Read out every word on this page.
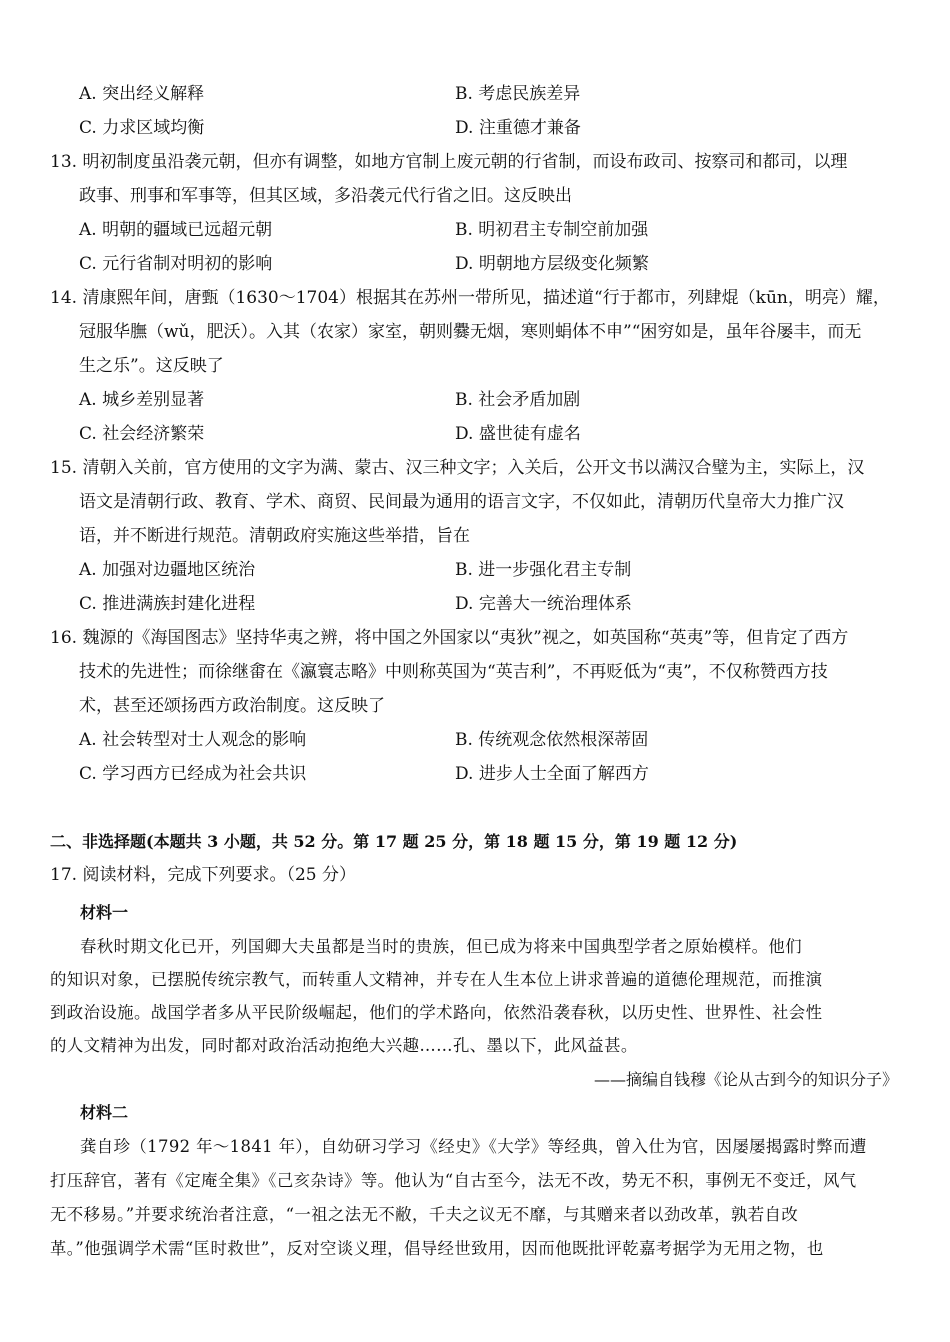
A. 突出经义解释	B. 考虑民族差异
C. 力求区域均衡	D. 注重德才兼备
13. 明初制度虽沿袭元朝，但亦有调整，如地方官制上废元朝的行省制，而设布政司、按察司和都司，以理
政事、刑事和军事等，但其区域，多沿袭元代行省之旧。这反映出
A. 明朝的疆域已远超元朝	B. 明初君主专制空前加强
C. 元行省制对明初的影响	D. 明朝地方层级变化频繁
14. 清康熙年间，唐甄（1630～1704）根据其在苏州一带所见，描述道“行于都市，列肆焜（kūn，明亮）耀，
冠服华膴（wǔ，肥沃）。入其（农家）家室，朝则爨无烟，寒则蜎体不申”“困穷如是，虽年谷屡丰，而无
生之乐”。这反映了
A. 城乡差别显著	B. 社会矛盾加剧
C. 社会经济繁荣	D. 盛世徒有虚名
15. 清朝入关前，官方使用的文字为满、蒙古、汉三种文字；入关后，公开文书以满汉合璧为主，实际上，汉
语文是清朝行政、教育、学术、商贸、民间最为通用的语言文字，不仅如此，清朝历代皇帝大力推广汉
语，并不断进行规范。清朝政府实施这些举措，旨在
A. 加强对边疆地区统治	B. 进一步强化君主专制
C. 推进满族封建化进程	D. 完善大一统治理体系
16. 魏源的《海国图志》坚持华夷之辨，将中国之外国家以“夷狄”视之，如英国称“英夷”等，但肯定了西方
技术的先进性；而徐继畬在《瀛寰志略》中则称英国为“英吉利”，不再贬低为“夷”，不仅称赞西方技
术，甚至还颂扬西方政治制度。这反映了
A. 社会转型对士人观念的影响	B. 传统观念依然根深蒂固
C. 学习西方已经成为社会共识	D. 进步人士全面了解西方
二、非选择题(本题共 3 小题，共 52 分。第 17 题 25 分，第 18 题 15 分，第 19 题 12 分)
17. 阅读材料，完成下列要求。（25 分）
材料一
春秋时期文化已开，列国卿大夫虽都是当时的贵族，但已成为将来中国典型学者之原始模样。他们
的知识对象，已摆脱传统宗教气，而转重人文精神，并专在人生本位上讲求普遍的道德伦理规范，而推演
到政治设施。战国学者多从平民阶级崛起，他们的学术路向，依然沿袭春秋，以历史性、世界性、社会性
的人文精神为出发，同时都对政治活动抱绝大兴趣……孔、墨以下，此风益甚。
——摘编自钱穆《论从古到今的知识分子》
材料二
龚自珍（1792 年～1841 年），自幼研习学习《经史》《大学》等经典，曾入仕为官，因屡屡揭露时弊而遭
打压辞官，著有《定庵全集》《己亥杂诗》等。他认为“自古至今，法无不改，势无不积，事例无不变迁，风气
无不移易。”并要求统治者注意，“一祖之法无不敝，千夫之议无不靡，与其赠来者以劲改革，孰若自改
革。”他强调学术需“匡时救世”，反对空谈义理，倡导经世致用，因而他既批评乾嘉考据学为无用之物，也
